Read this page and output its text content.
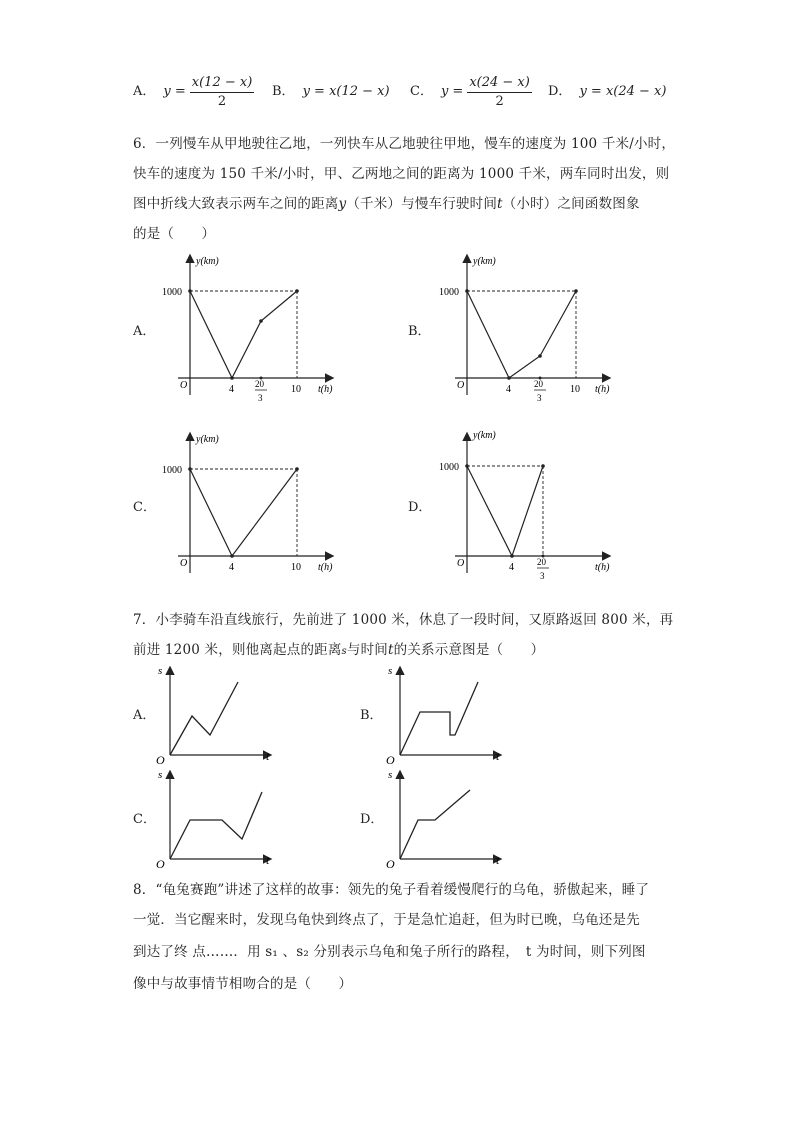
A． $y = \frac{x(12 - x)}{2}$ B． y = x(12 − x) C． $y = \frac{x(24 - x)}{2}$ D． y = x(24 − x)
6．一列慢车从甲地驶往乙地，一列快车从乙地驶往甲地，慢车的速度为 100 千米/小时，
快车的速度为 150 千米/小时，甲、乙两地之间的距离为 1000 千米，两车同时出发，则
图中折线大致表示两车之间的距离y（千米）与慢车行驶时间t（小时）之间函数图象
的是（　　）
A．	B．
C．	D．
y(km)
t(h)
O
1000
4 20
3
10
y(km)
t(h)
O
1000
4	20
3
10
y(km)
t(h)
O
1000
4	10
y(km)
t(h)
O
1000
4	20
3
7．小李骑车沿直线旅行，先前进了 1000 米，休息了一段时间，又原路返回 800 米，再
前进 1200 米，则他离起点的距离s与时间t的关系示意图是（　　）
A．	B．
C．	D．
s
t
O
s
t
O
s
t
O
s
t
O
8．“龟兔赛跑”讲述了这样的故事：领先的兔子看着缓慢爬行的乌龟，骄傲起来，睡了
一觉．当它醒来时，发现乌龟快到终点了，于是急忙追赶，但为时已晚，乌龟还是先
到达了终 点……．用 s₁ 、s₂ 分别表示乌龟和兔子所行的路程，　t 为时间，则下列图
像中与故事情节相吻合的是（　　）
